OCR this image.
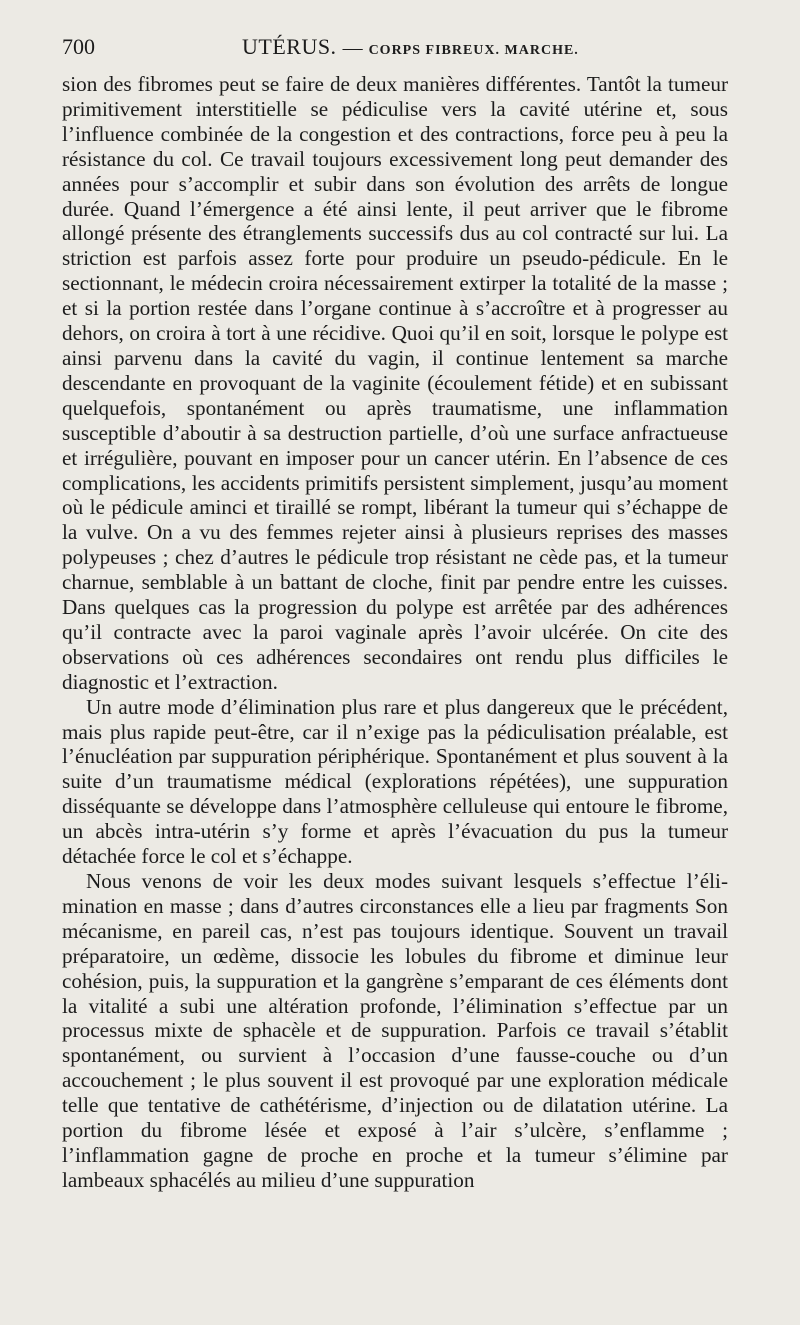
700	UTÉRUS. — CORPS FIBREUX. MARCHE.

sion des fibromes peut se faire de deux manières différentes. Tantôt la tumeur primitivement interstitielle se pédiculise vers la cavité utérine et, sous l’influence combinée de la congestion et des contractions, force peu à peu la résistance du col. Ce travail toujours excessivement long peut demander des années pour s’accomplir et subir dans son évolution des arrêts de longue durée. Quand l’émergence a été ainsi lente, il peut arriver que le fibrome allongé présente des étranglements successifs dus au col contracté sur lui. La striction est parfois assez forte pour produire un pseudo-pédicule. En le sectionnant, le médecin croira nécessairement extirper la totalité de la masse ; et si la portion restée dans l’organe continue à s’accroître et à progresser au dehors, on croira à tort à une récidive. Quoi qu’il en soit, lorsque le polype est ainsi parvenu dans la cavité du vagin, il continue lentement sa marche descendante en provoquant de la vaginite (écoulement fétide) et en subissant quelquefois, spontanément ou après traumatisme, une inflammation susceptible d’aboutir à sa destruction partielle, d’où une surface anfractueuse et irrégulière, pouvant en imposer pour un cancer utérin. En l’absence de ces complications, les accidents primitifs persistent simplement, jusqu’au moment où le pédicule aminci et tiraillé se rompt, libérant la tumeur qui s’échappe de la vulve. On a vu des femmes rejeter ainsi à plusieurs reprises des masses polypeuses ; chez d’autres le pédicule trop résistant ne cède pas, et la tumeur charnue, semblable à un battant de cloche, finit par pendre entre les cuisses. Dans quelques cas la progression du polype est arrêtée par des adhérences qu’il contracte avec la paroi vaginale après l’avoir ulcérée. On cite des observations où ces adhérences secondaires ont rendu plus difficiles le diagnostic et l’extraction.

Un autre mode d’élimination plus rare et plus dangereux que le précédent, mais plus rapide peut-être, car il n’exige pas la pédiculisation préalable, est l’énucléation par suppuration périphérique. Spontanément et plus souvent à la suite d’un traumatisme médical (explorations répétées), une suppuration disséquante se développe dans l’atmosphère celluleuse qui entoure le fibrome, un abcès intra-utérin s’y forme et après l’évacuation du pus la tumeur détachée force le col et s’échappe.

Nous venons de voir les deux modes suivant lesquels s’effectue l’élimination en masse ; dans d’autres circonstances elle a lieu par fragments Son mécanisme, en pareil cas, n’est pas toujours identique. Souvent un travail préparatoire, un œdème, dissocie les lobules du fibrome et diminue leur cohésion, puis, la suppuration et la gangrène s’emparant de ces éléments dont la vitalité a subi une altération profonde, l’élimination s’effectue par un processus mixte de sphacèle et de suppuration. Parfois ce travail s’établit spontanément, ou survient à l’occasion d’une fausse-couche ou d’un accouchement ; le plus souvent il est provoqué par une exploration médicale telle que tentative de cathétérisme, d’injection ou de dilatation utérine. La portion du fibrome lésée et exposé à l’air s’ulcère, s’enflamme ; l’inflammation gagne de proche en proche et la tumeur s’élimine par lambeaux sphacélés au milieu d’une suppuration
